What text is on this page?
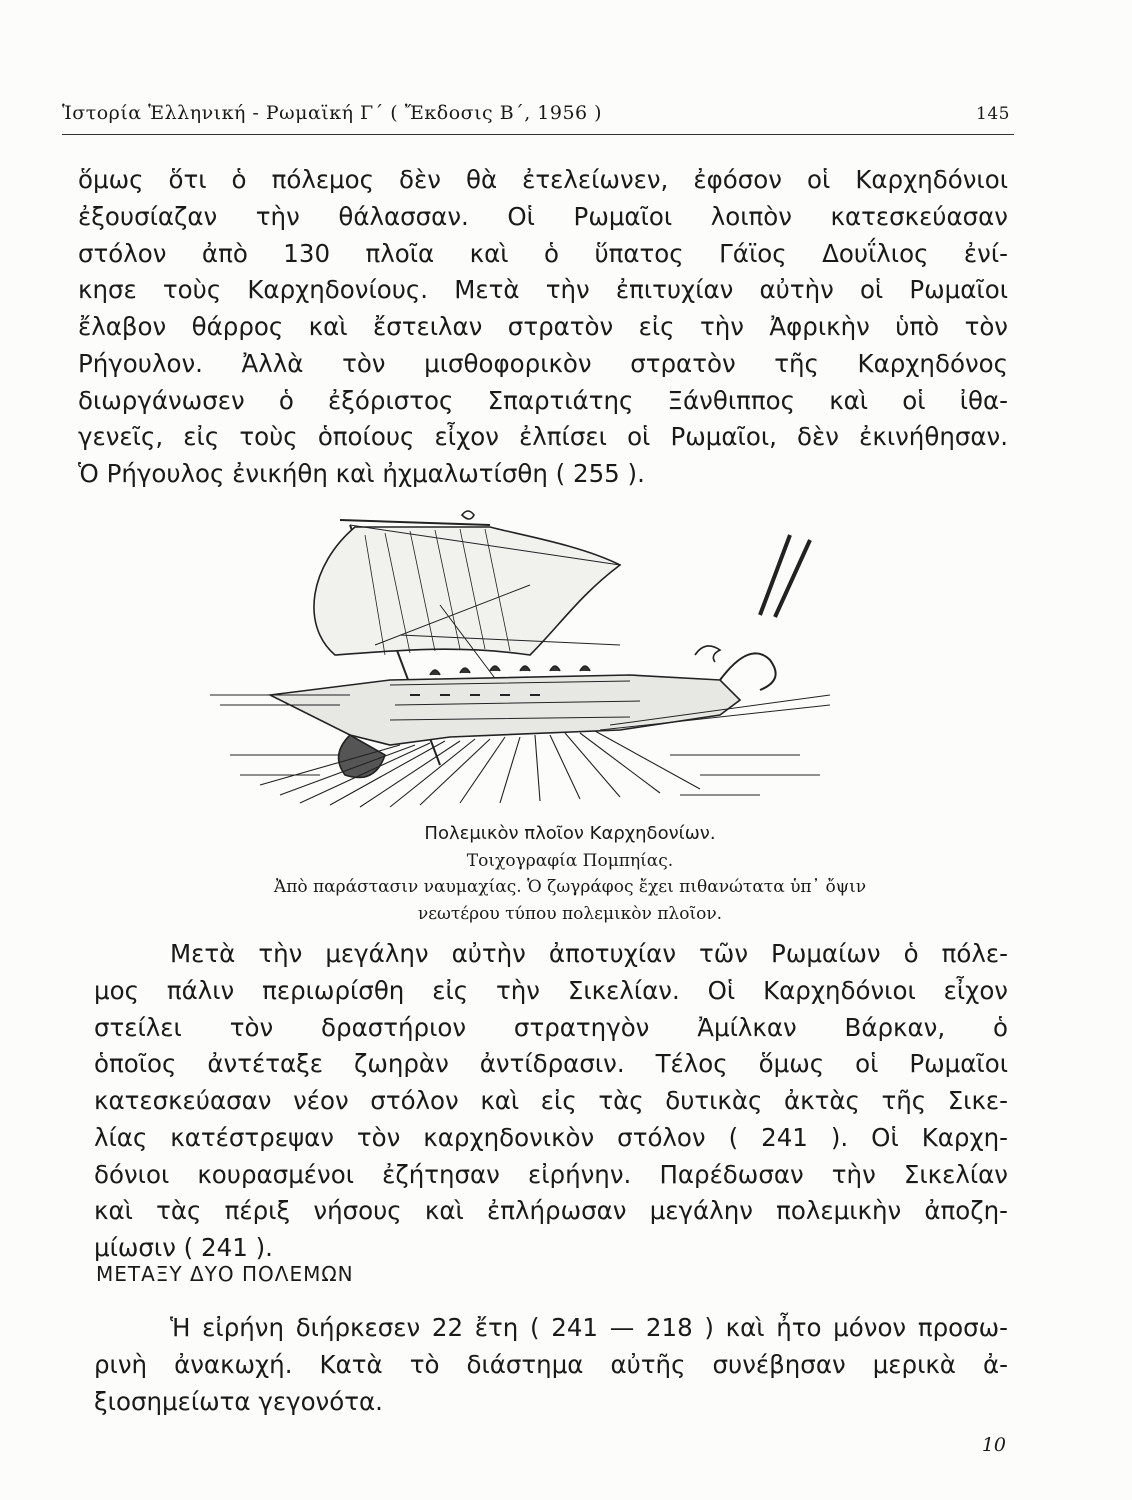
Ἱστορία Ἑλληνική - Ρωμαϊκή Γ΄ ( Ἔκδοσις Β΄, 1956 )	145
ὅμως ὅτι ὁ πόλεμος δὲν θὰ ἐτελείωνεν, ἐφόσον οἱ Καρχηδόνιοι
ἐξουσίαζαν τὴν θάλασσαν. Οἱ Ρωμαῖοι λοιπὸν κατεσκεύασαν
στόλον ἀπὸ 130 πλοῖα καὶ ὁ ὕπατος Γάϊος Δουΐλιος ἐνί-
κησε τοὺς Καρχηδονίους. Μετὰ τὴν ἐπιτυχίαν αὐτὴν οἱ Ρωμαῖοι
ἔλαβον θάρρος καὶ ἔστειλαν στρατὸν εἰς τὴν Ἀφρικὴν ὑπὸ τὸν
Ρήγουλον. Ἀλλὰ τὸν μισθοφορικὸν στρατὸν τῆς Καρχηδόνος
διωργάνωσεν ὁ ἐξόριστος Σπαρτιάτης Ξάνθιππος καὶ οἱ ἰθα-
γενεῖς, εἰς τοὺς ὁποίους εἶχον ἐλπίσει οἱ Ρωμαῖοι, δὲν ἐκινήθησαν.
Ὁ Ρήγουλος ἐνικήθη καὶ ἠχμαλωτίσθη ( 255 ).
Πολεμικὸν πλοῖον Καρχηδονίων.
Τοιχογραφία Πομπηίας.
Ἀπὸ παράστασιν ναυμαχίας. Ὁ ζωγράφος ἔχει πιθανώτατα ὑπ᾿ ὄψιν
νεωτέρου τύπου πολεμικὸν πλοῖον.
Μετὰ τὴν μεγάλην αὐτὴν ἀποτυχίαν τῶν Ρωμαίων ὁ πόλε-
μος πάλιν περιωρίσθη εἰς τὴν Σικελίαν. Οἱ Καρχηδόνιοι εἶχον
στείλει τὸν δραστήριον στρατηγὸν Ἀμίλκαν Βάρκαν, ὁ
ὁποῖος ἀντέταξε ζωηρὰν ἀντίδρασιν. Τέλος ὅμως οἱ Ρωμαῖοι
κατεσκεύασαν νέον στόλον καὶ εἰς τὰς δυτικὰς ἀκτὰς τῆς Σικε-
λίας κατέστρεψαν τὸν καρχηδονικὸν στόλον ( 241 ). Οἱ Καρχη-
δόνιοι κουρασμένοι ἐζήτησαν εἰρήνην. Παρέδωσαν τὴν Σικελίαν
καὶ τὰς πέριξ νήσους καὶ ἐπλήρωσαν μεγάλην πολεμικὴν ἀποζη-
μίωσιν ( 241 ).
ΜΕΤΑΞΥ ΔΥΟ ΠΟΛΕΜΩΝ
Ἡ εἰρήνη διήρκεσεν 22 ἔτη ( 241 — 218 ) καὶ ἦτο μόνον προσω-
ρινὴ ἀνακωχή. Κατὰ τὸ διάστημα αὐτῆς συνέβησαν μερικὰ ἀ-
ξιοσημείωτα γεγονότα.
10
